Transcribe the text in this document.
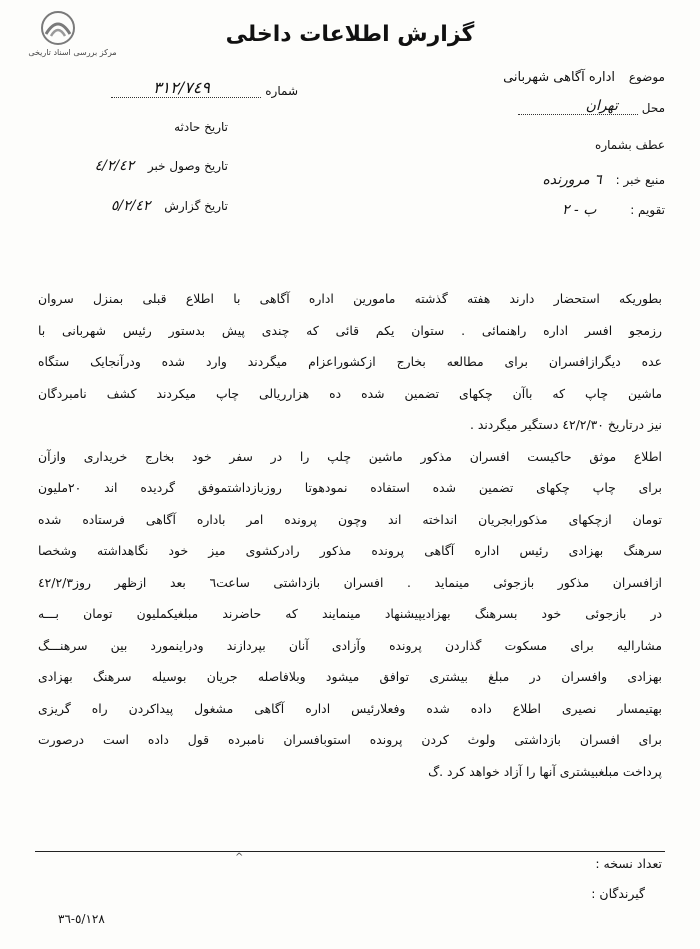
مرکز بررسی اسناد تاریخی
گزارش اطلاعات داخلی
موضوع اداره آگاهی شهربانی
محل تهران
عطف بشماره
منبع خبر : ٦ مرورنده
تقویم : ب - ٢
شماره ٣١٢/٧٤٩
تاریخ حادثه
تاریخ وصول خبر ٤/٢/٤٢
تاریخ گزارش ٥/٢/٤٢

بطوریکه استحضار دارند هفته گذشته مامورین اداره آگاهی با اطلاع قبلی بمنزل سروان

رزمجو افسر اداره راهنمائی . ستوان یکم قائی که چندی پیش بدستور رئیس شهربانی با

عده دیگرازافسران برای مطالعه بخارج ازکشوراعزام میگردند وارد شده ودرآنجایک ستگاه

ماشین چاپ که باآن چکهای تضمین شده ده هزارریالی چاپ میکردند کشف نامبردگان

نیز درتاریخ ٤٢/٢/٣٠ دستگیر میگردند .

اطلاع موثق حاکیست افسران مذکور ماشین چلپ را در سفر خود بخارج خریداری وازآن

برای چاپ چکهای تضمین شده استفاده نمودهوتا روزبازداشتموفق گردیده اند ٢٠ملیون

تومان ازچکهای مذکورابجریان انداخته اند وچون پرونده امر باداره آگاهی فرستاده شده

سرهنگ بهزادی رئیس اداره آگاهی پرونده مذکور رادرکشوی میز خود نگاهداشته وشخصا

ازافسران مذکور بازجوئی مینماید . افسران بازداشتی ساعت٦ بعد ازظهر روز٤٢/٢/٣

در بازجوئی خود بسرهنگ بهزادیپیشنهاد مینمایند که حاضرند مبلغیکملیون تومان بـــه

مشارالیه برای مسکوت گذاردن پرونده وآزادی آنان بپردازند ودراینمورد بین سرهنـــگ

بهزادی وافسران در مبلغ بیشتری توافق میشود وبلافاصله جریان بوسیله سرهنگ بهزادی

بهتیمسار نصیری اطلاع داده شده وفعلارئیس اداره آگاهی مشغول پیداکردن راه گریزی

برای افسران بازداشتی ولوث کردن پرونده استوبافسران نامبرده قول داده است درصورت

پرداخت مبلغبیشتری آنها را آزاد خواهد کرد .گ

^	تعداد نسخه :
گیرندگان :
٥/١٢٨-٣٦
